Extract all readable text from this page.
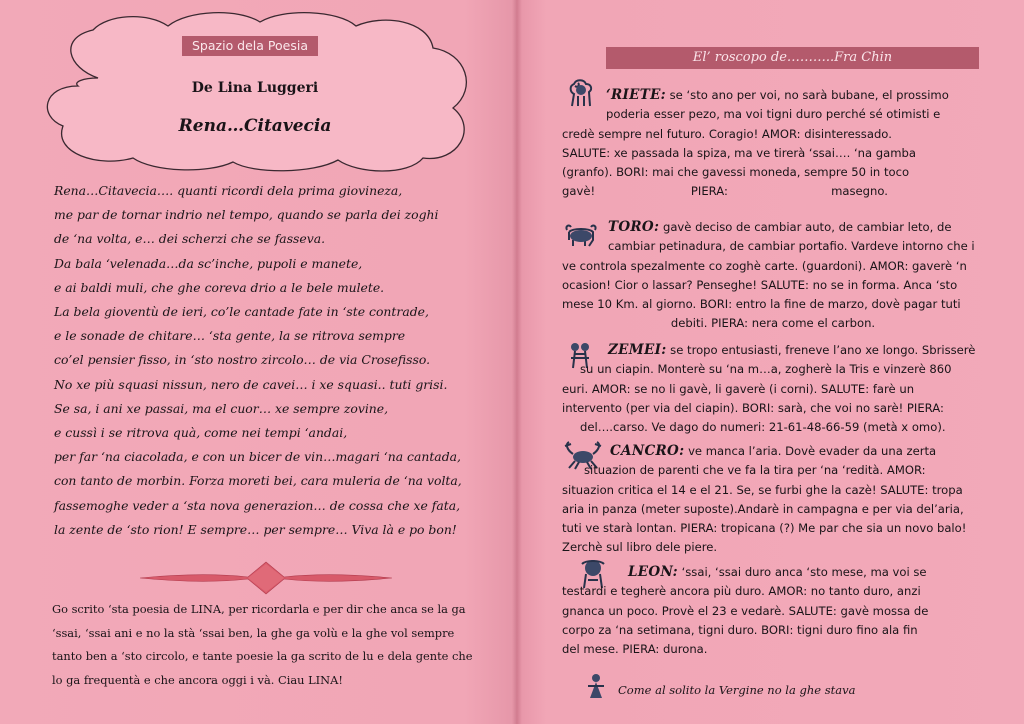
Spazio dela Poesia
De Lina Luggeri
Rena…Citavecia
Rena…Citavecia…. quanti ricordi dela prima giovineza,
me par de tornar indrio nel tempo, quando se parla dei zoghi
de ‘na volta, e… dei scherzi che se fasseva.
Da bala ‘velenada…da sc’inche, pupoli e manete,
e ai baldi muli, che ghe coreva drio a le bele mulete.
La bela gioventù de ieri, co’le cantade fate in ‘ste contrade,
e le sonade de chitare… ‘sta gente, la se ritrova sempre
co’el pensier fisso, in ‘sto nostro zircolo… de via Crosefisso.
No xe più squasi nissun, nero de cavei… i xe squasi.. tuti grisi.
Se sa, i ani xe passai, ma el cuor… xe sempre zovine,
e cussì i se ritrova quà, come nei tempi ‘andai,
per far ‘na ciacolada, e con un bicer de vin…magari ‘na cantada,
con tanto de morbin. Forza moreti bei, cara muleria de ‘na volta,
fassemoghe veder a ‘sta nova generazion… de cossa che xe fata,
la zente de ‘sto rion! E sempre… per sempre… Viva là e po bon!
Go scrito ‘sta poesia de LINA, per ricordarla e per dir che anca se la ga
‘ssai, ‘ssai ani e no la stà ‘ssai ben, la ghe ga volù e la ghe vol sempre
tanto ben a ‘sto circolo, e tante poesie la ga scrito de lu e dela gente che
lo ga frequentà e che ancora oggi i và. Ciau LINA!
El’ roscopo de………..Fra Chin
‘RIETE: se ‘sto ano per voi, no sarà bubane, el prossimo
poderia esser pezo, ma voi tigni duro perché sé otimisti e
credè sempre nel futuro. Coragio! AMOR: disinteressado.
SALUTE: xe passada la spiza, ma ve tirerà ‘ssai…. ‘na gamba
(granfo). BORI: mai che gavessi moneda, sempre 50 in toco
gavè!                          PIERA:                            masegno.
TORO: gavè deciso de cambiar auto, de cambiar leto, de
cambiar petinadura, de cambiar portafio. Vardeve intorno che i
ve controla spezalmente co zoghè carte. (guardoni). AMOR: gaverè ‘n
ocasion! Cior o lassar? Penseghe! SALUTE: no se in forma. Anca ‘sto
mese 10 Km. al giorno. BORI: entro la fine de marzo, dovè pagar tuti
debiti. PIERA: nera come el carbon.
ZEMEI: se tropo entusiasti, freneve l’ano xe longo. Sbrisserè
su un ciapin. Monterè su ‘na m…a, zogherè la Tris e vinzerè 860
euri. AMOR: se no li gavè, li gaverè (i corni). SALUTE: farè un
intervento (per via del ciapin). BORI: sarà, che voi no sarè! PIERA:
del….carso. Ve dago do numeri: 21-61-48-66-59 (metà x omo).
CANCRO: ve manca l’aria. Dovè evader da una zerta
situazion de parenti che ve fa la tira per ‘na ‘redità. AMOR:
situazion critica el 14 e el 21. Se, se furbi ghe la cazè! SALUTE: tropa
aria in panza (meter suposte).Andarè in campagna e per via del’aria,
tuti ve starà lontan. PIERA: tropicana (?) Me par che sia un novo balo!
Zerchè sul libro dele piere.
LEON: ‘ssai, ‘ssai duro anca ‘sto mese, ma voi se
testardi e tegherè ancora più duro. AMOR: no tanto duro, anzi
gnanca un poco. Provè el 23 e vedarè. SALUTE: gavè mossa de
corpo za ‘na setimana, tigni duro. BORI: tigni duro fino ala fin
del mese. PIERA: durona.
Come al solito la Vergine no la ghe stava
